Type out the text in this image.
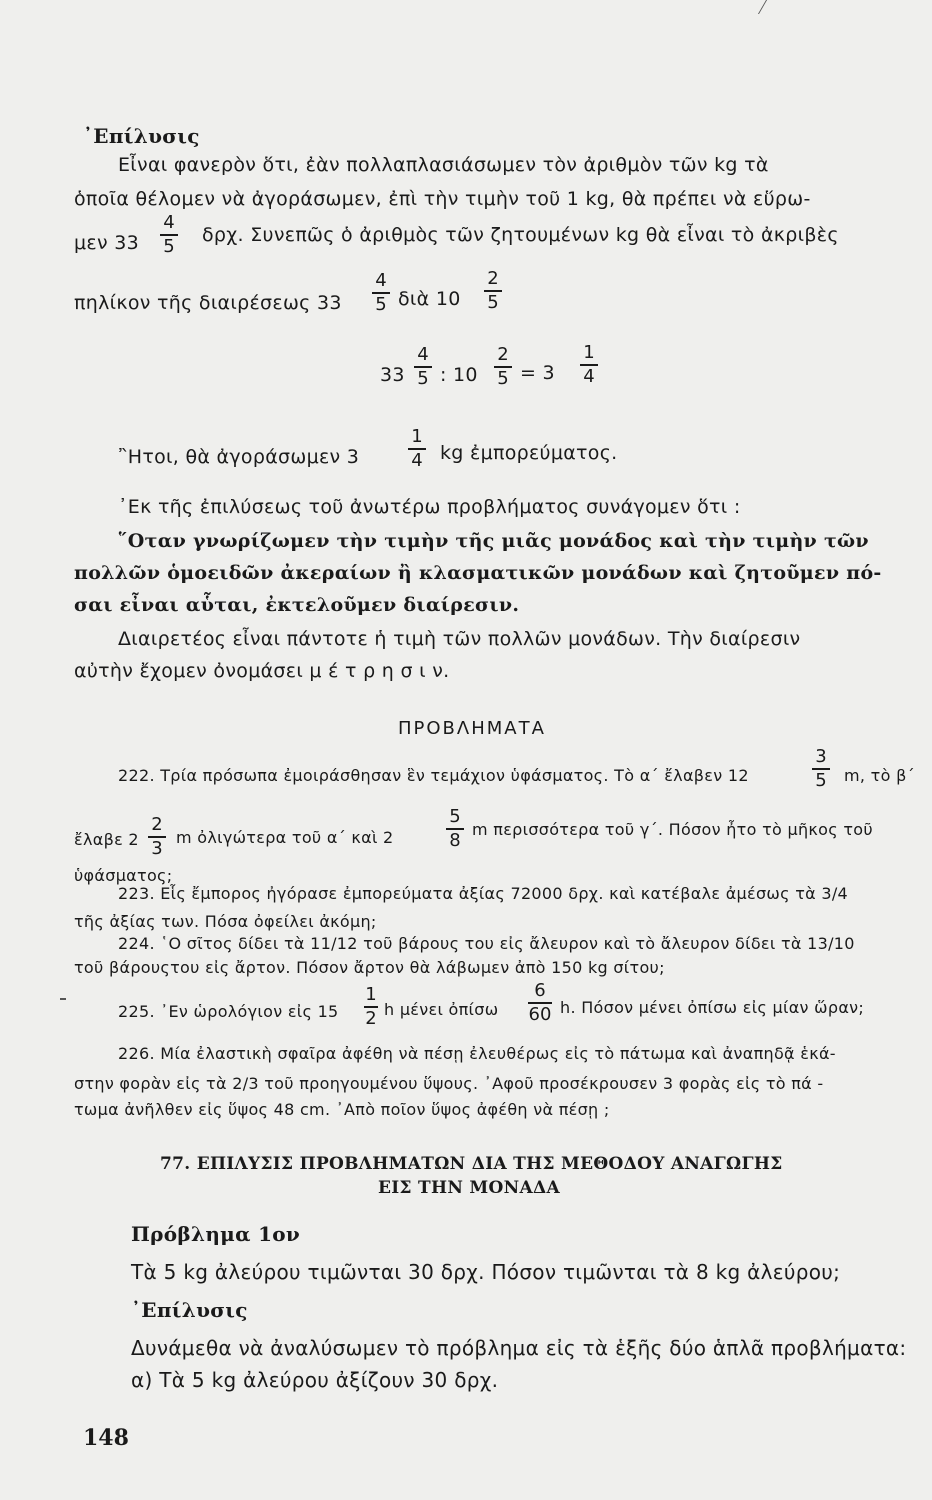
᾽Επίλυσις
Εἶναι φανερὸν ὅτι, ἐὰν πολλαπλασιάσωμεν τὸν ἀριθμὸν τῶν kg τὰ
ὁποῖα θέλομεν νὰ ἀγοράσωμεν, ἐπὶ τὴν τιμὴν τοῦ 1 kg, θὰ πρέπει νὰ εὕρω-
μεν 33
4
5 δρχ. Συνεπῶς ὁ ἀριθμὸς τῶν ζητουμένων kg θὰ εἶναι τὸ ἀκριβὲς
πηλίκον τῆς διαιρέσεως 33
4
5 διὰ 10
2
5
33
4
5 : 10
2
5 = 3
1
4
῍Ητοι, θὰ ἀγοράσωμεν 3
1
4 kg ἐμπορεύματος.
᾽Εκ τῆς ἐπιλύσεως τοῦ ἀνωτέρω προβλήματος συνάγομεν ὅτι :
῞Οταν γνωρίζωμεν τὴν τιμὴν τῆς μιᾶς μονάδος καὶ τὴν τιμὴν τῶν
πολλῶν ὁμοειδῶν ἀκεραίων ἢ κλασματικῶν μονάδων καὶ ζητοῦμεν πό-
σαι εἶναι αὗται, ἐκτελοῦμεν διαίρεσιν.
Διαιρετέος εἶναι πάντοτε ἡ τιμὴ τῶν πολλῶν μονάδων. Τὴν διαίρεσιν
αὐτὴν ἔχομεν ὀνομάσει μ έ τ ρ η σ ι ν.
ΠΡΟΒΛΗΜΑΤΑ
222. Τρία πρόσωπα ἐμοιράσθησαν ἓν τεμάχιον ὑφάσματος. Τὸ α΄ ἔλαβεν 12
3
5 m, τὸ β΄
ἔλαβε 2
2
3 m ὀλιγώτερα τοῦ α΄ καὶ 2
5
8 m περισσότερα τοῦ γ΄. Πόσον ἦτο τὸ μῆκος τοῦ
ὑφάσματος;
223. Εἷς ἔμπορος ἠγόρασε ἐμπορεύματα ἀξίας 72000 δρχ. καὶ κατέβαλε ἀμέσως τὰ 3/4
τῆς ἀξίας των. Πόσα ὀφείλει ἀκόμη;
224. ῾Ο σῖτος δίδει τὰ 11/12 τοῦ βάρους του εἰς ἄλευρον καὶ τὸ ἄλευρον δίδει τὰ 13/10
τοῦ βάρουςτου εἰς ἄρτον. Πόσον ἄρτον θὰ λάβωμεν ἀπὸ 150 kg σίτου;
225. ᾽Εν ὡρολόγιον εἰς 15
1
2 h μένει ὀπίσω
6
60 h. Πόσον μένει ὀπίσω εἰς μίαν ὥραν;
226. Μία ἐλαστικὴ σφαῖρα ἀφέθη νὰ πέσῃ ἐλευθέρως εἰς τὸ πάτωμα καὶ ἀναπηδᾷ ἑκά-
στην φορὰν εἰς τὰ 2/3 τοῦ προηγουμένου ὕψους. ᾽Αφοῦ προσέκρουσεν 3 φορὰς εἰς τὸ πά -
τωμα ἀνῆλθεν εἰς ὕψος 48 cm. ᾽Απὸ ποῖον ὕψος ἀφέθη νὰ πέσῃ ;
77. ΕΠΙΛΥΣΙΣ ΠΡΟΒΛΗΜΑΤΩΝ ΔΙΑ ΤΗΣ ΜΕΘΟΔΟΥ ΑΝΑΓΩΓΗΣ
ΕΙΣ ΤΗΝ ΜΟΝΑΔΑ
Πρόβλημα 1ον
Τὰ 5 kg ἀλεύρου τιμῶνται 30 δρχ. Πόσον τιμῶνται τὰ 8 kg ἀλεύρου;
᾽Επίλυσις
Δυνάμεθα νὰ ἀναλύσωμεν τὸ πρόβλημα εἰς τὰ ἑξῆς δύο ἁπλᾶ προβλήματα:
α) Τὰ 5 kg ἀλεύρου ἀξίζουν 30 δρχ.
148
